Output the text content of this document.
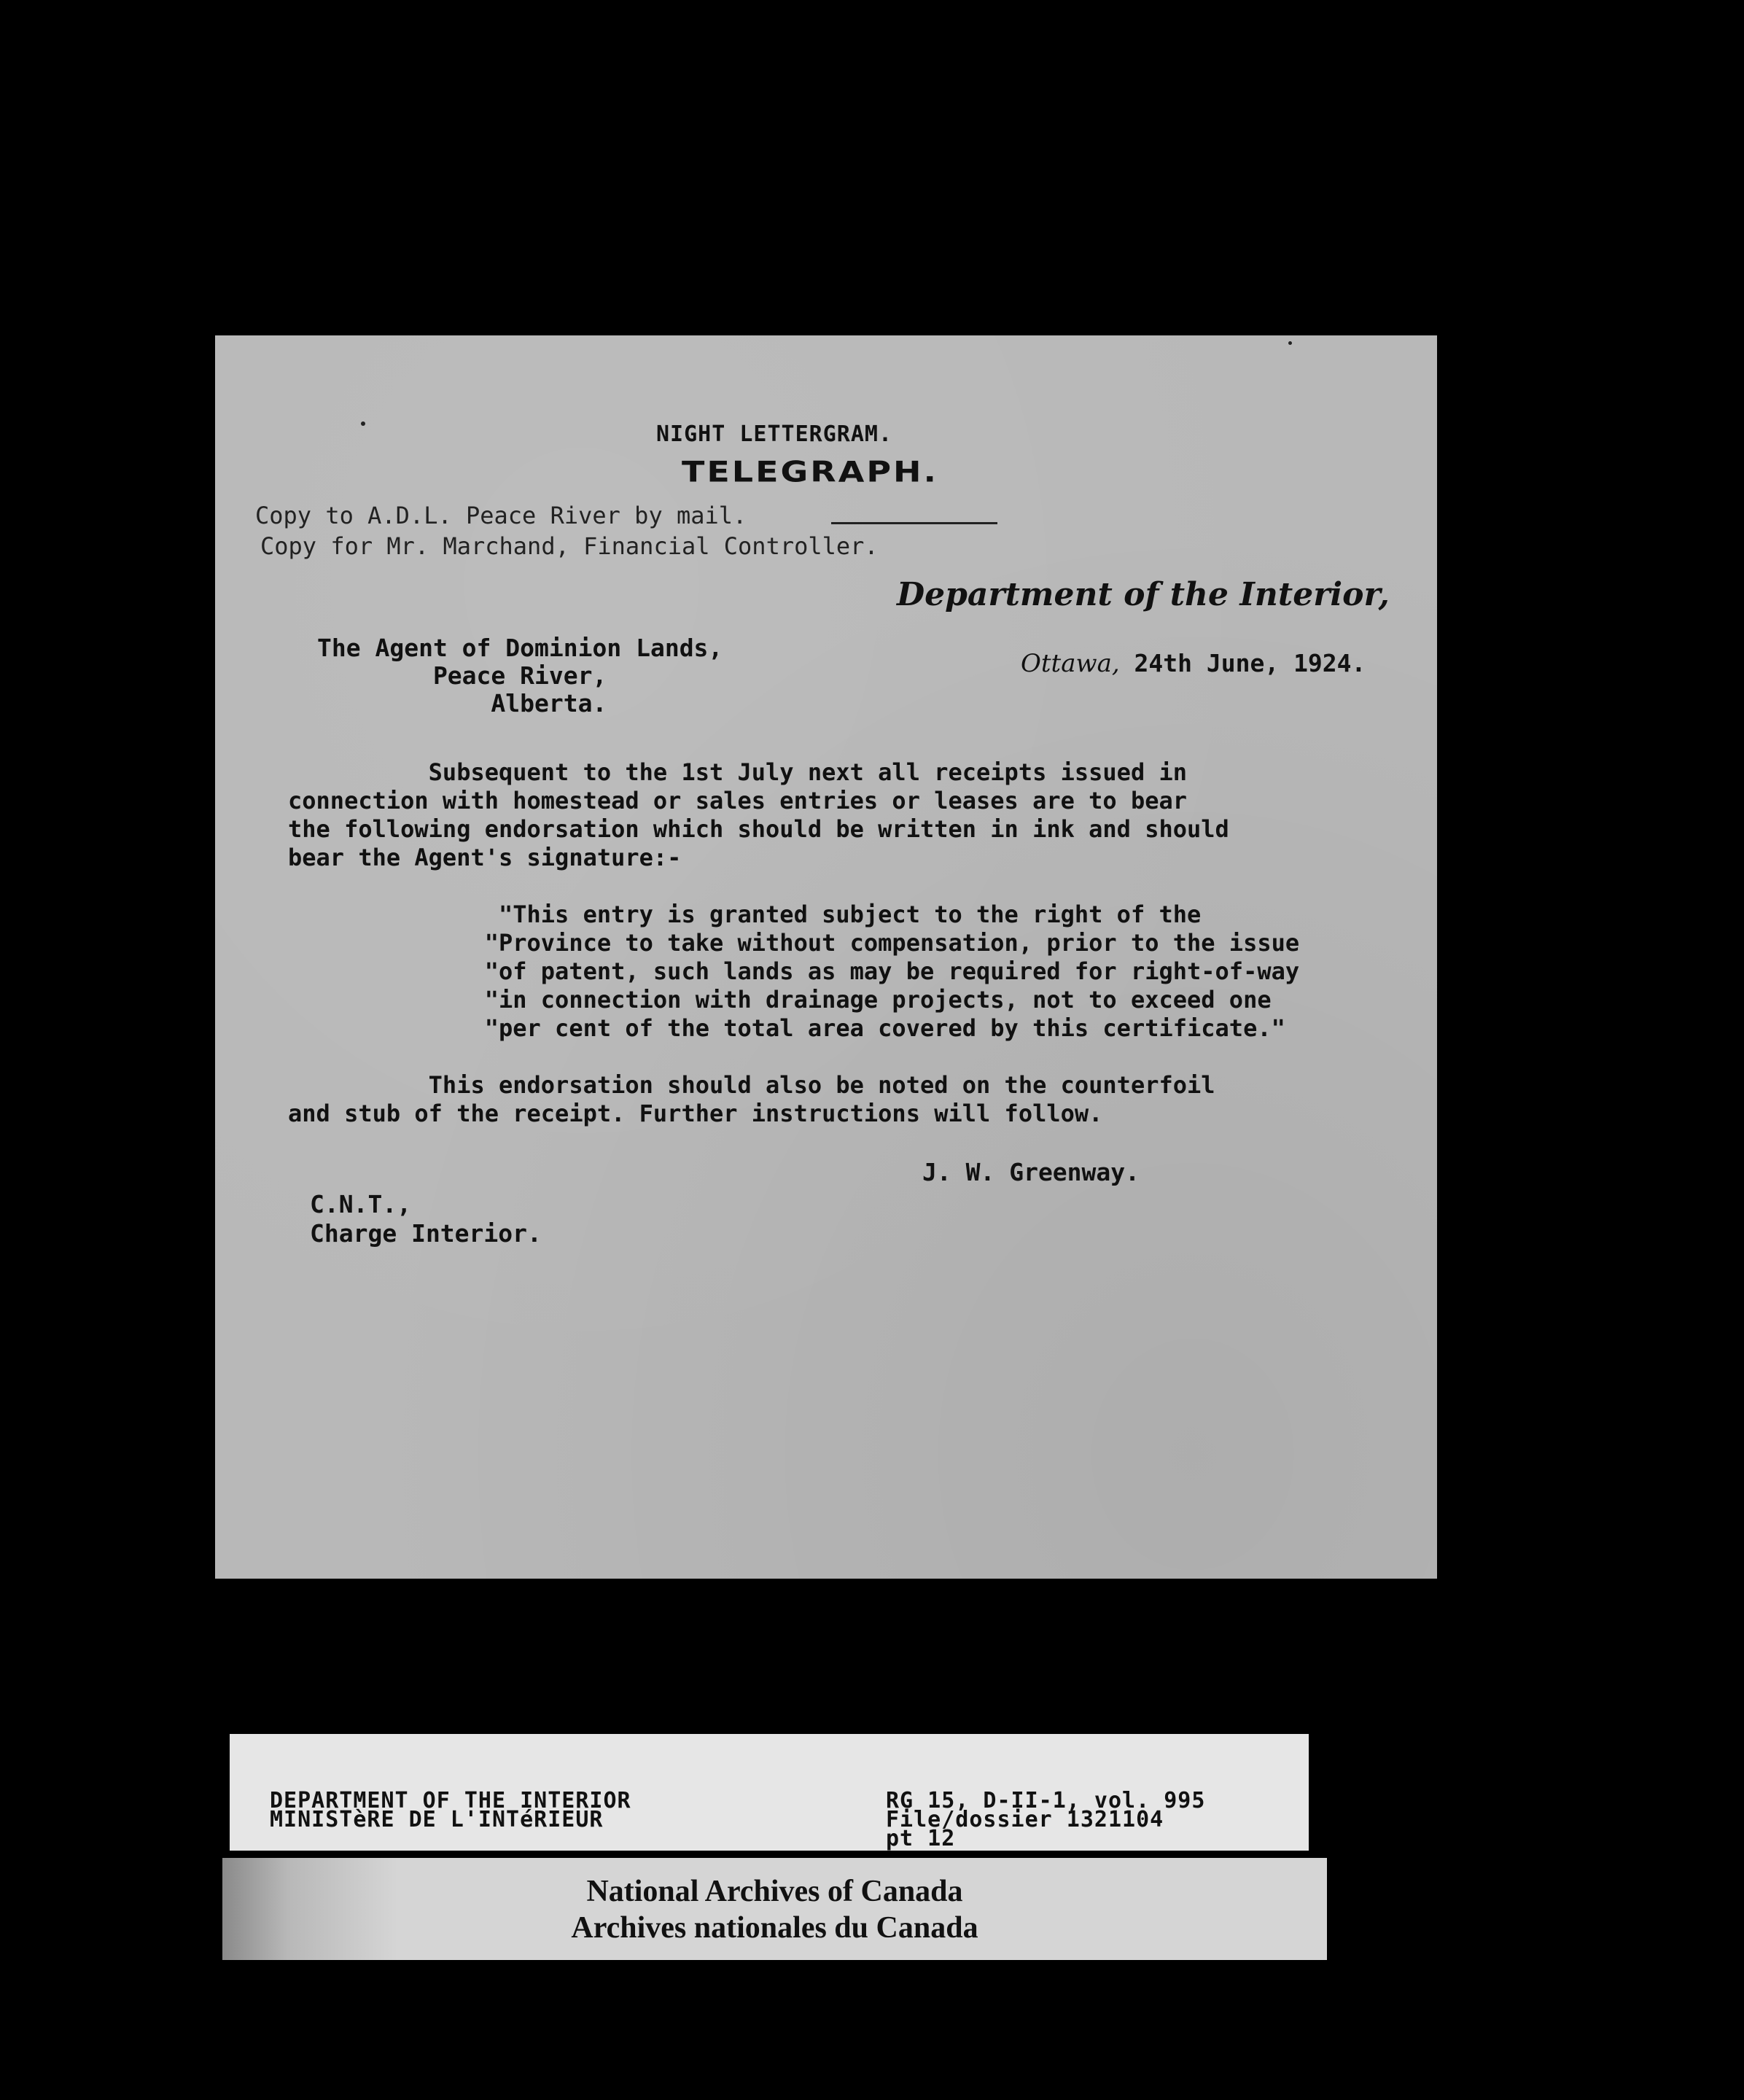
NIGHT LETTERGRAM.
TELEGRAPH.
Copy to A.D.L. Peace River by mail.
Copy for Mr. Marchand, Financial Controller.
Department of the Interior,
The Agent of Dominion Lands,
Peace River,
Alberta.
Ottawa, 24th June, 1924.
Subsequent to the 1st July next all receipts issued in
connection with homestead or sales entries or leases are to bear
the following endorsation which should be written in ink and should
bear the Agent's signature:-

"This entry is granted subject to the right of the
"Province to take without compensation, prior to the issue
"of patent, such lands as may be required for right-of-way
"in connection with drainage projects, not to exceed one
"per cent of the total area covered by this certificate."

This endorsation should also be noted on the counterfoil
and stub of the receipt. Further instructions will follow.
J. W. Greenway.
C.N.T.,
Charge Interior.
DEPARTMENT OF THE INTERIOR
MINISTèRE DE L'INTéRIEUR
RG 15, D-II-1, vol. 995
File/dossier 1321104
pt 12
National Archives of Canada
Archives nationales du Canada
